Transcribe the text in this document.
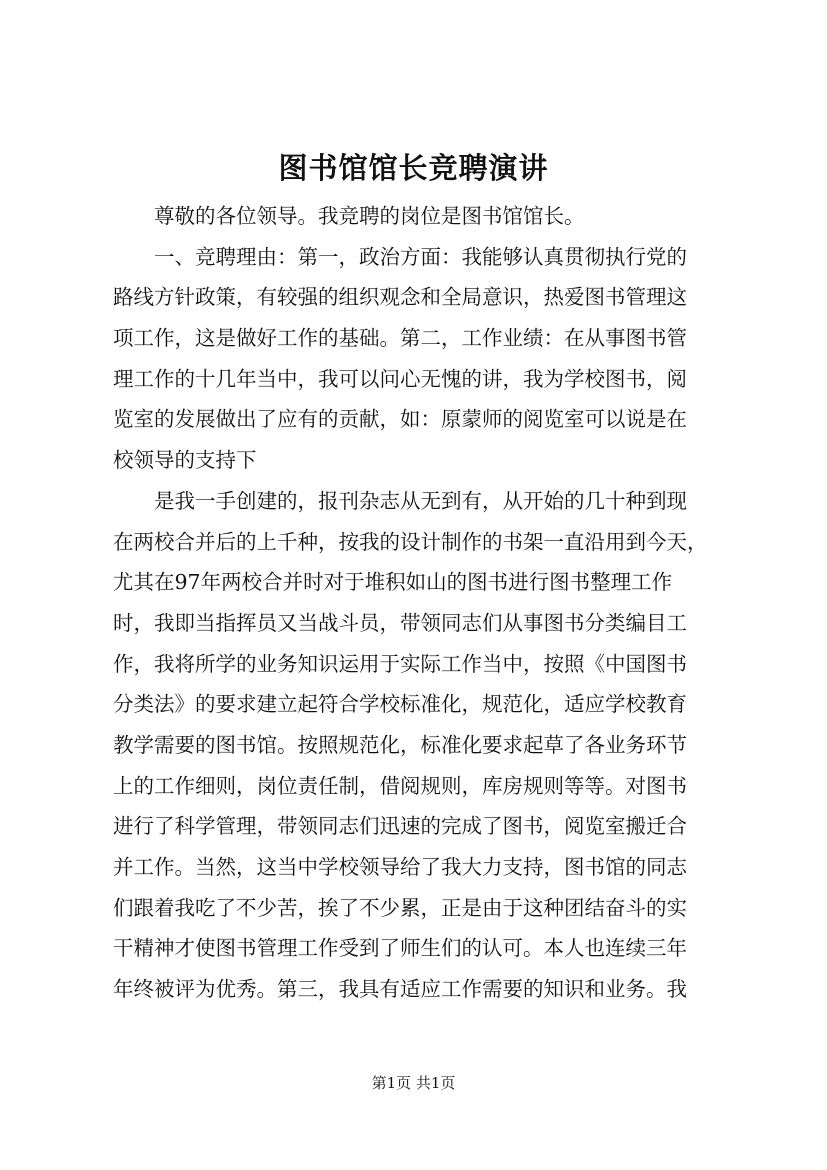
图书馆馆长竞聘演讲
尊敬的各位领导。我竞聘的岗位是图书馆馆长。
一、竞聘理由：第一，政治方面：我能够认真贯彻执行党的
路线方针政策，有较强的组织观念和全局意识，热爱图书管理这
项工作，这是做好工作的基础。第二，工作业绩：在从事图书管
理工作的十几年当中，我可以问心无愧的讲，我为学校图书，阅
览室的发展做出了应有的贡献，如：原蒙师的阅览室可以说是在
校领导的支持下
是我一手创建的，报刊杂志从无到有，从开始的几十种到现
在两校合并后的上千种，按我的设计制作的书架一直沿用到今天，
尤其在97年两校合并时对于堆积如山的图书进行图书整理工作
时，我即当指挥员又当战斗员，带领同志们从事图书分类编目工
作，我将所学的业务知识运用于实际工作当中，按照《中国图书
分类法》的要求建立起符合学校标准化，规范化，适应学校教育
教学需要的图书馆。按照规范化，标准化要求起草了各业务环节
上的工作细则，岗位责任制，借阅规则，库房规则等等。对图书
进行了科学管理，带领同志们迅速的完成了图书，阅览室搬迁合
并工作。当然，这当中学校领导给了我大力支持，图书馆的同志
们跟着我吃了不少苦，挨了不少累，正是由于这种团结奋斗的实
干精神才使图书管理工作受到了师生们的认可。本人也连续三年
年终被评为优秀。第三，我具有适应工作需要的知识和业务。我
第1页 共1页
